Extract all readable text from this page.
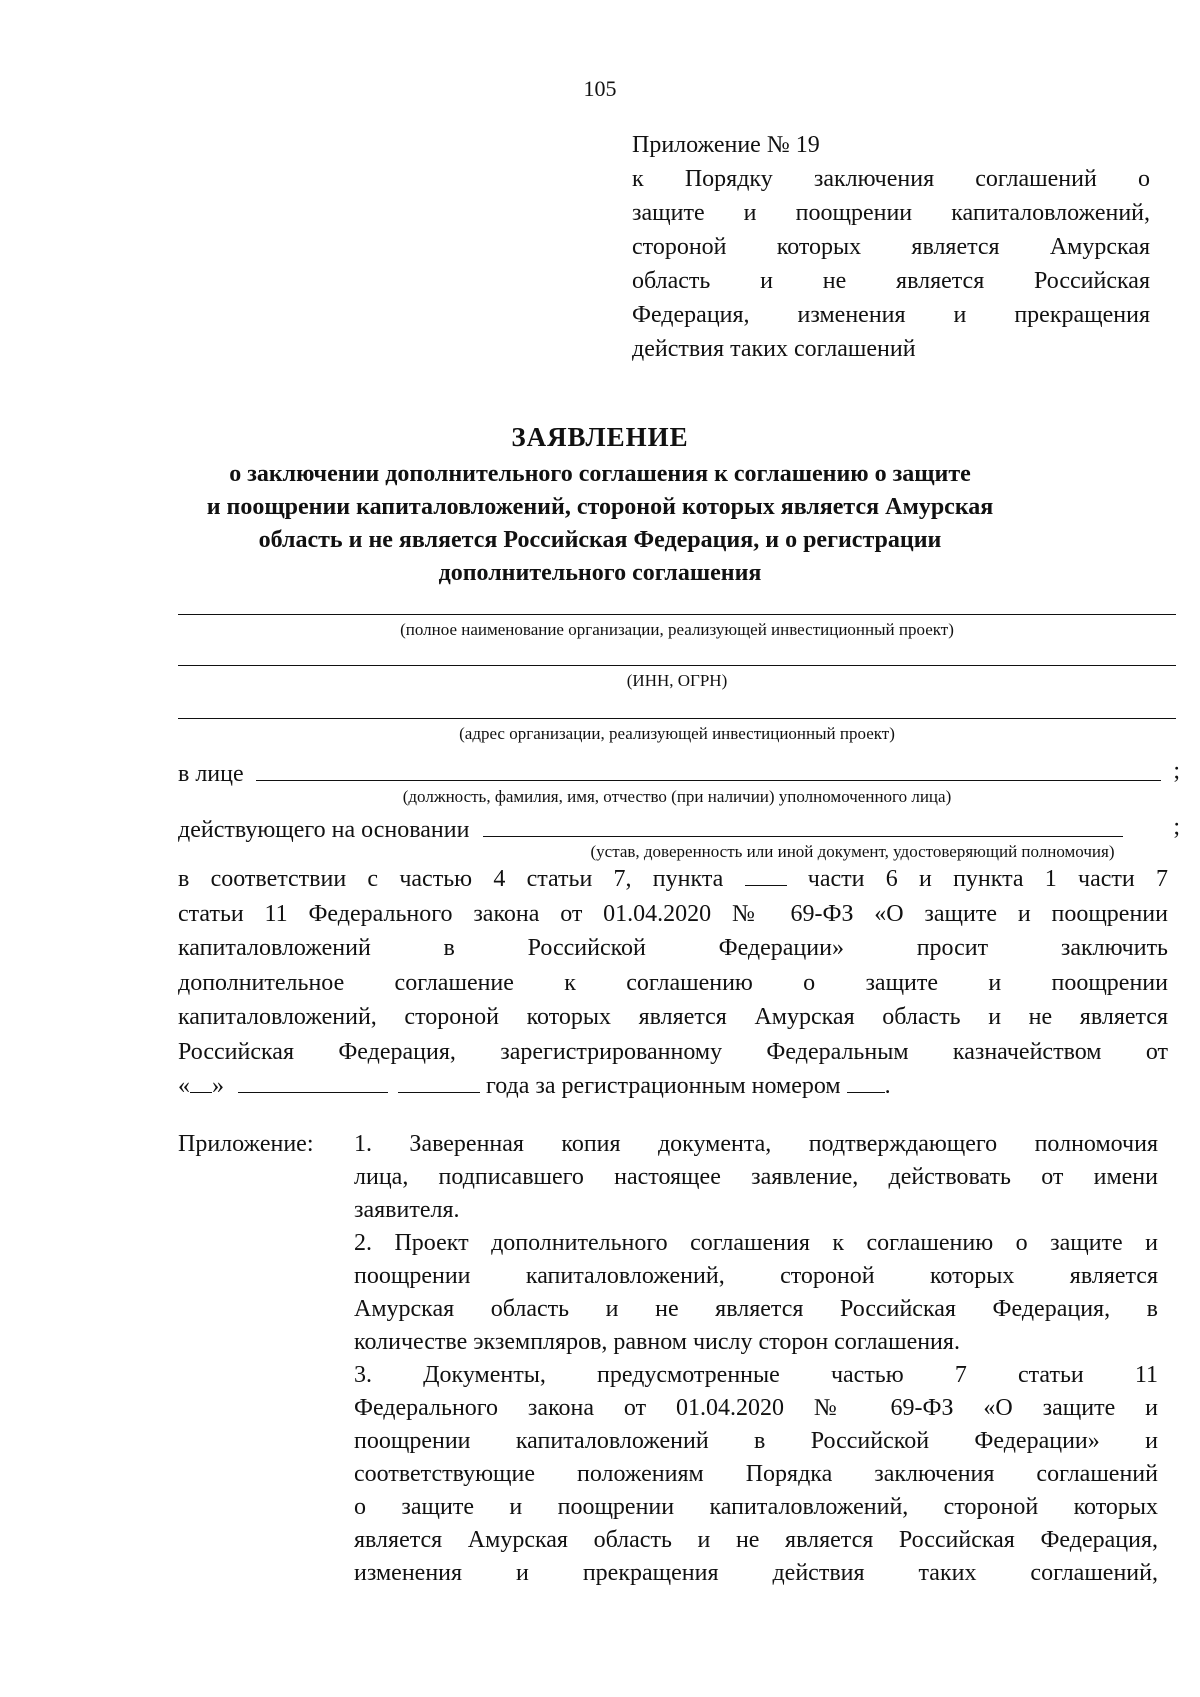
105
Приложение № 19
к Порядку заключения соглашений о
защите и поощрении капиталовложений,
стороной которых является Амурская
область и не является Российская
Федерация, изменения и прекращения
действия таких соглашений
ЗАЯВЛЕНИЕ
о заключении дополнительного соглашения к соглашению о защите
и поощрении капиталовложений, стороной которых является Амурская
область и не является Российская Федерация, и о регистрации
дополнительного соглашения
(полное наименование организации, реализующей инвестиционный проект)
(ИНН, ОГРН)
(адрес организации, реализующей инвестиционный проект)
в лице	;
(должность, фамилия, имя, отчество (при наличии) уполномоченного лица)
действующего на основании	;
(устав, доверенность или иной документ, удостоверяющий полномочия)
в соответствии с частью 4 статьи 7, пункта	части 6 и пункта 1 части 7
статьи 11 Федерального закона от 01.04.2020 № 69-ФЗ «О защите и поощрении
капиталовложений в Российской Федерации» просит заключить
дополнительное соглашение к соглашению о защите и поощрении
капиталовложений, стороной которых является Амурская область и не является
Российская Федерация, зарегистрированному Федеральным казначейством от
« »	года за регистрационным номером .
Приложение: 1. Заверенная копия документа, подтверждающего полномочия
лица, подписавшего настоящее заявление, действовать от имени
заявителя.
2. Проект дополнительного соглашения к соглашению о защите и
поощрении капиталовложений, стороной которых является
Амурская область и не является Российская Федерация, в
количестве экземпляров, равном числу сторон соглашения.
3. Документы, предусмотренные частью 7 статьи 11
Федерального закона от 01.04.2020 № 69-ФЗ «О защите и
поощрении капиталовложений в Российской Федерации» и
соответствующие положениям Порядка заключения соглашений
о защите и поощрении капиталовложений, стороной которых
является Амурская область и не является Российская Федерация,
изменения и прекращения действия таких соглашений,
